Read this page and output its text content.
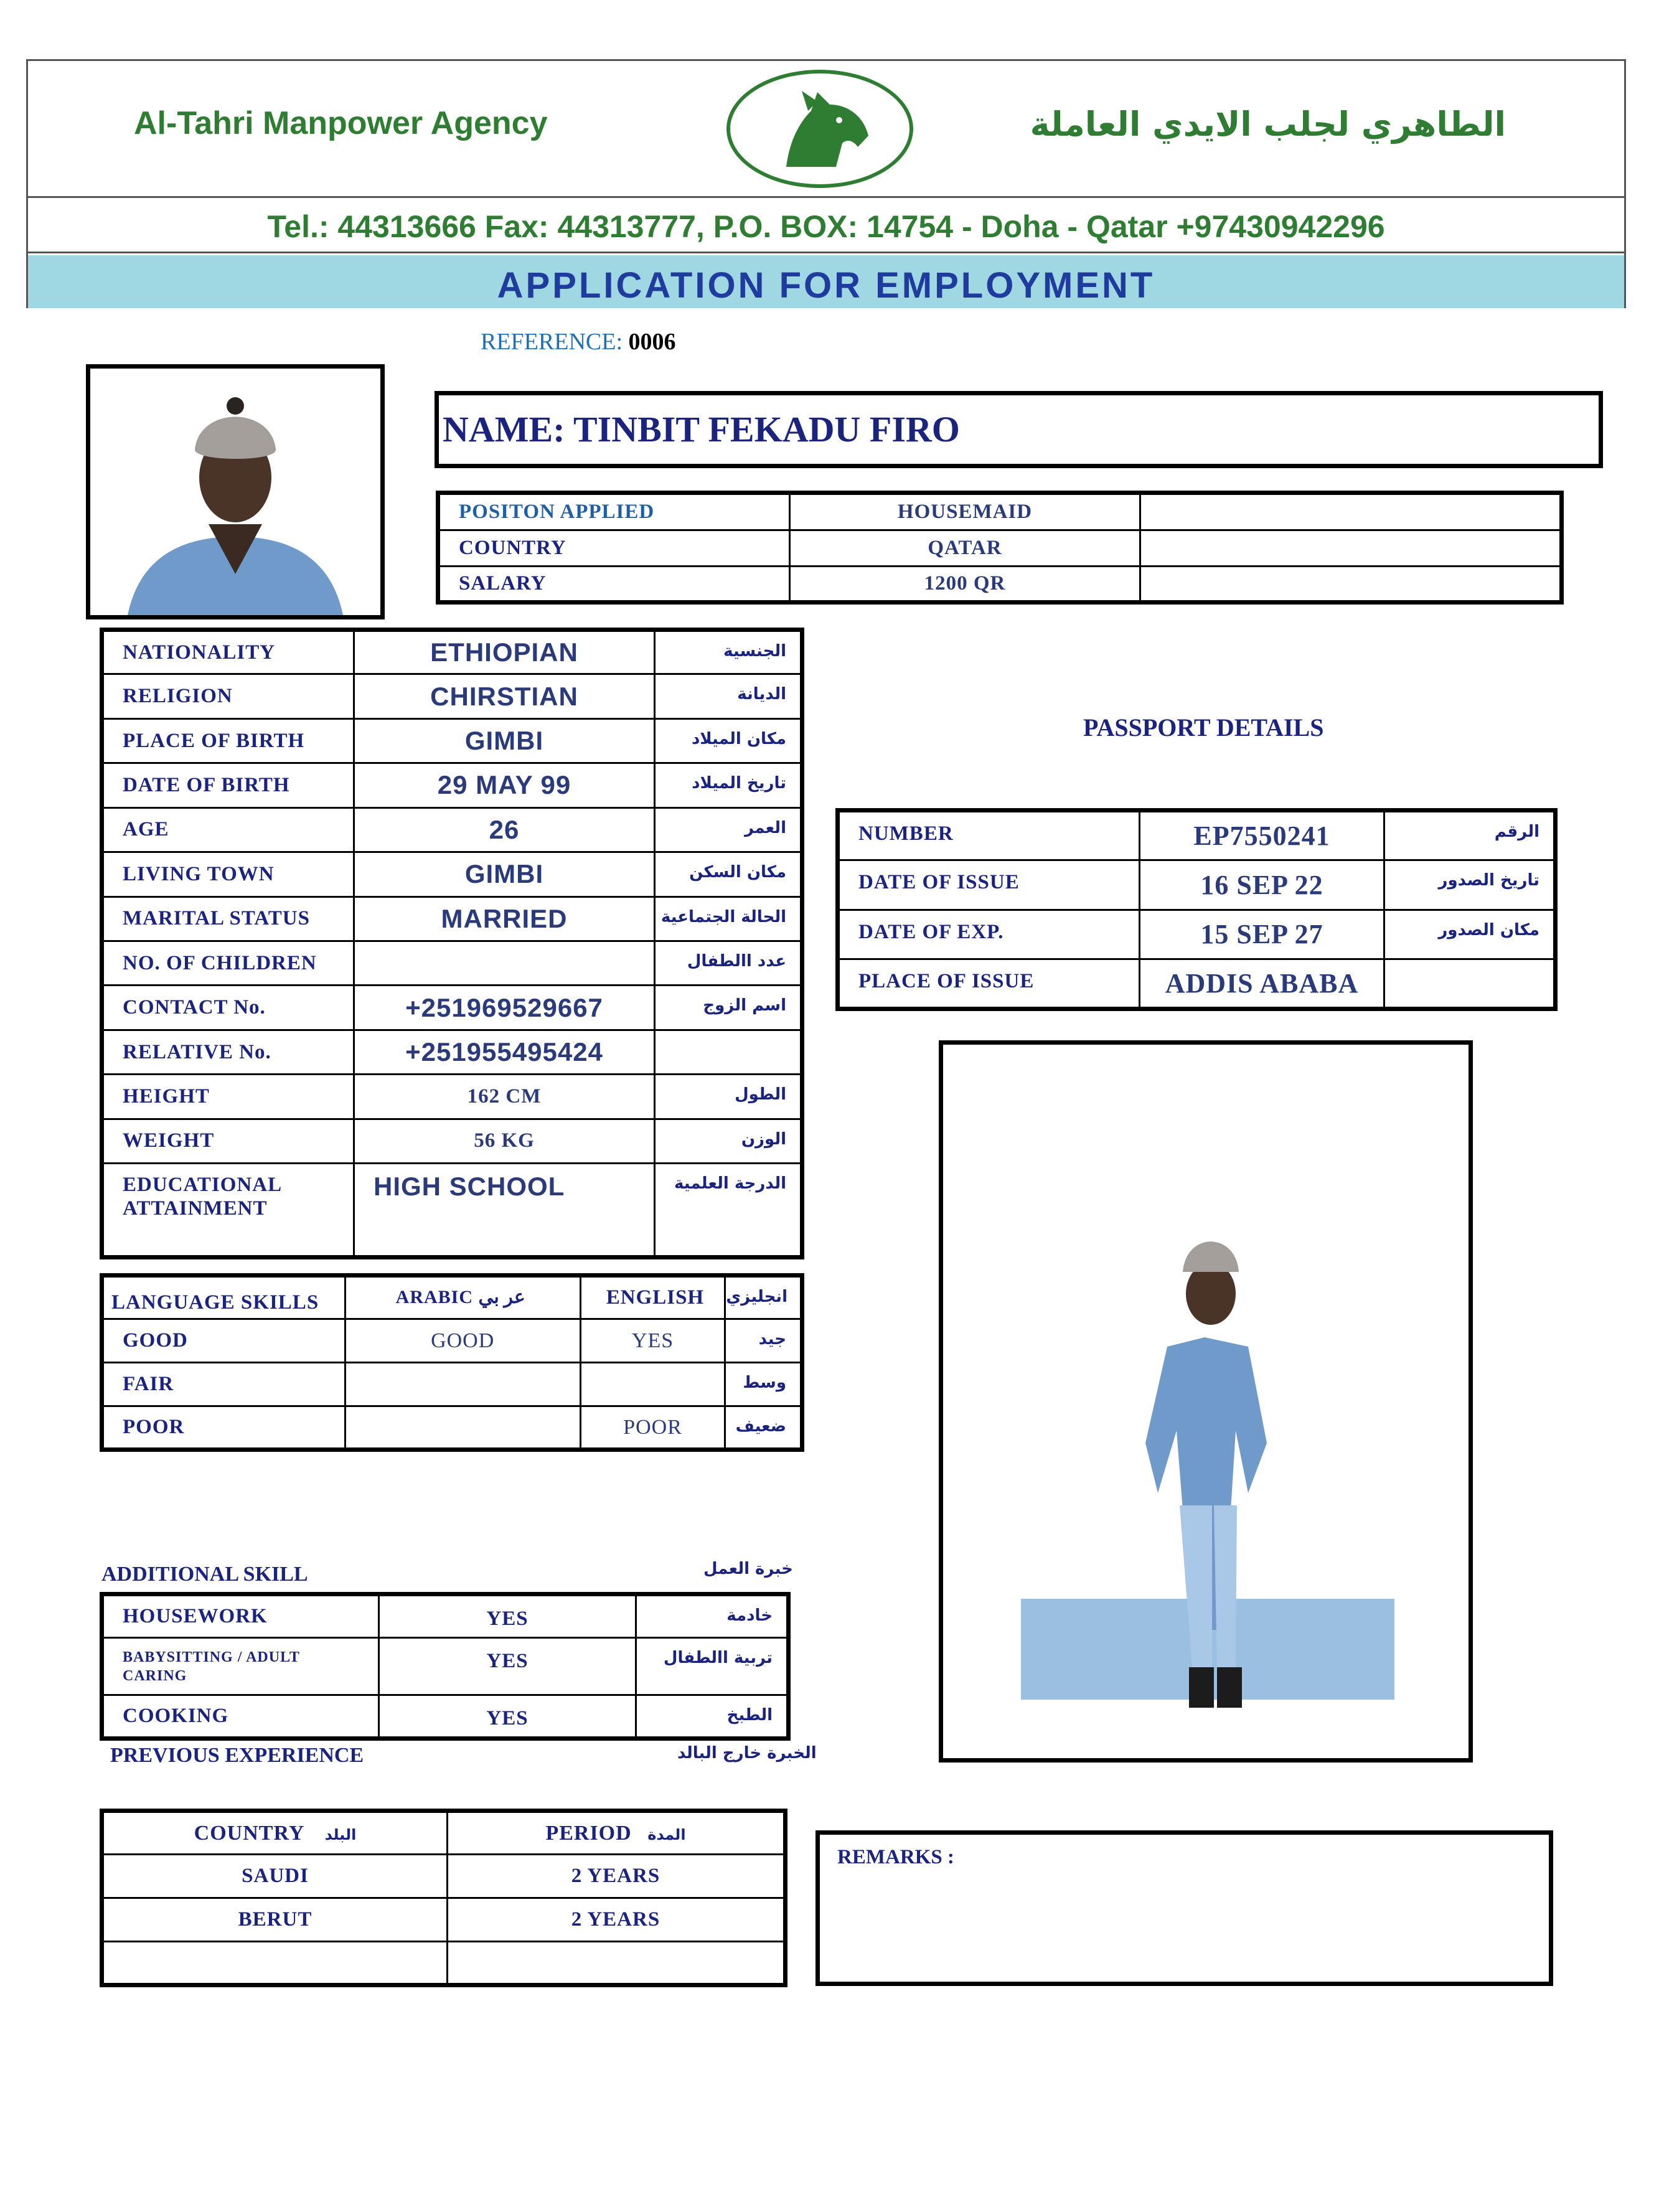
Al-Tahri Manpower Agency	الطاهري لجلب الايدي العاملة
Tel.: 44313666 Fax: 44313777, P.O. BOX: 14754 - Doha - Qatar +97430942296
APPLICATION FOR EMPLOYMENT
REFERENCE: 0006
NAME: TINBIT FEKADU FIRO
POSITON APPLIED	HOUSEMAID	
COUNTRY	QATAR	
SALARY	1200 QR	
NATIONALITY	ETHIOPIAN	الجنسية
RELIGION	CHIRSTIAN	الديانة
PLACE OF BIRTH	GIMBI	مكان الميلاد
DATE OF BIRTH	29 MAY 99	تاريخ الميلاد
AGE	26	العمر
LIVING TOWN	GIMBI	مكان السكن
MARITAL STATUS	MARRIED	الحالة الجتماعية
NO. OF CHILDREN		عدد االطفال
CONTACT No.	+251969529667	اسم الزوج
RELATIVE No.	+251955495424	
HEIGHT	162 CM	الطول
WEIGHT	56 KG	الوزن
EDUCATIONAL ATTAINMENT	HIGH SCHOOL	الدرجة العلمية
PASSPORT DETAILS
NUMBER	EP7550241	الرقم
DATE OF ISSUE	16 SEP 22	تاريخ الصدور
DATE OF EXP.	15 SEP 27	مكان الصدور
PLACE OF ISSUE	ADDIS ABABA	
LANGUAGE SKILLS	ARABIC عر بي	ENGLISH	انجليزي
GOOD	GOOD	YES	جيد
FAIR			وسط
POOR		POOR	ضعيف
ADDITIONAL SKILL	خبرة العمل
HOUSEWORK	YES	خادمة
BABYSITTING / ADULT CARING	YES	تربية االطفال
COOKING	YES	الطبخ
PREVIOUS EXPERIENCE	الخبرة خارج البالد
COUNTRY البلد	PERIOD المدة
SAUDI	2 YEARS
BERUT	2 YEARS

REMARKS :
